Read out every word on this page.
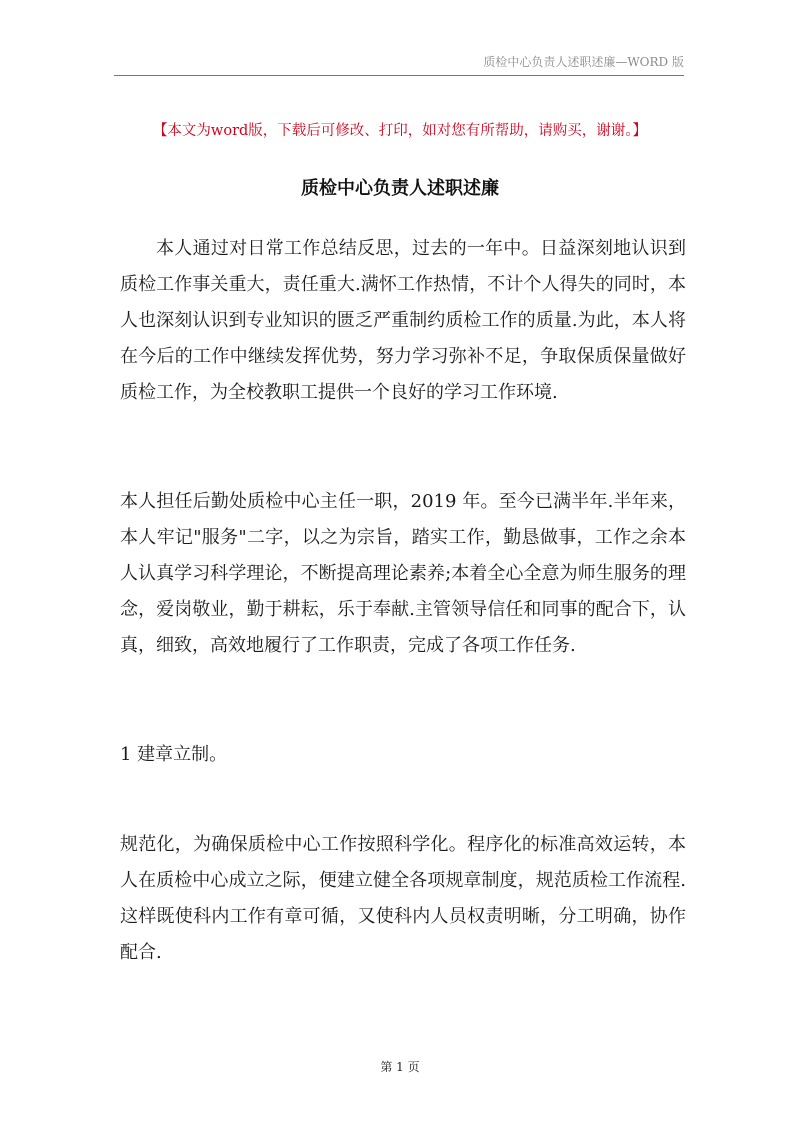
质检中心负责人述职述廉—WORD 版
【本文为word版，下载后可修改、打印，如对您有所帮助，请购买，谢谢。】
质检中心负责人述职述廉

本人通过对日常工作总结反思，过去的一年中。日益深刻地认识到质检工作事关重大，责任重大.满怀工作热情，不计个人得失的同时，本人也深刻认识到专业知识的匮乏严重制约质检工作的质量.为此，本人将在今后的工作中继续发挥优势，努力学习弥补不足，争取保质保量做好质检工作，为全校教职工提供一个良好的学习工作环境.

本人担任后勤处质检中心主任一职，2019 年。至今已满半年.半年来，本人牢记"服务"二字，以之为宗旨，踏实工作，勤恳做事，工作之余本人认真学习科学理论，不断提高理论素养;本着全心全意为师生服务的理念，爱岗敬业，勤于耕耘，乐于奉献.主管领导信任和同事的配合下，认真，细致，高效地履行了工作职责，完成了各项工作任务.

1 建章立制。

规范化，为确保质检中心工作按照科学化。程序化的标准高效运转，本人在质检中心成立之际，便建立健全各项规章制度，规范质检工作流程.这样既使科内工作有章可循，又使科内人员权责明晰，分工明确，协作配合.

第 1 页
